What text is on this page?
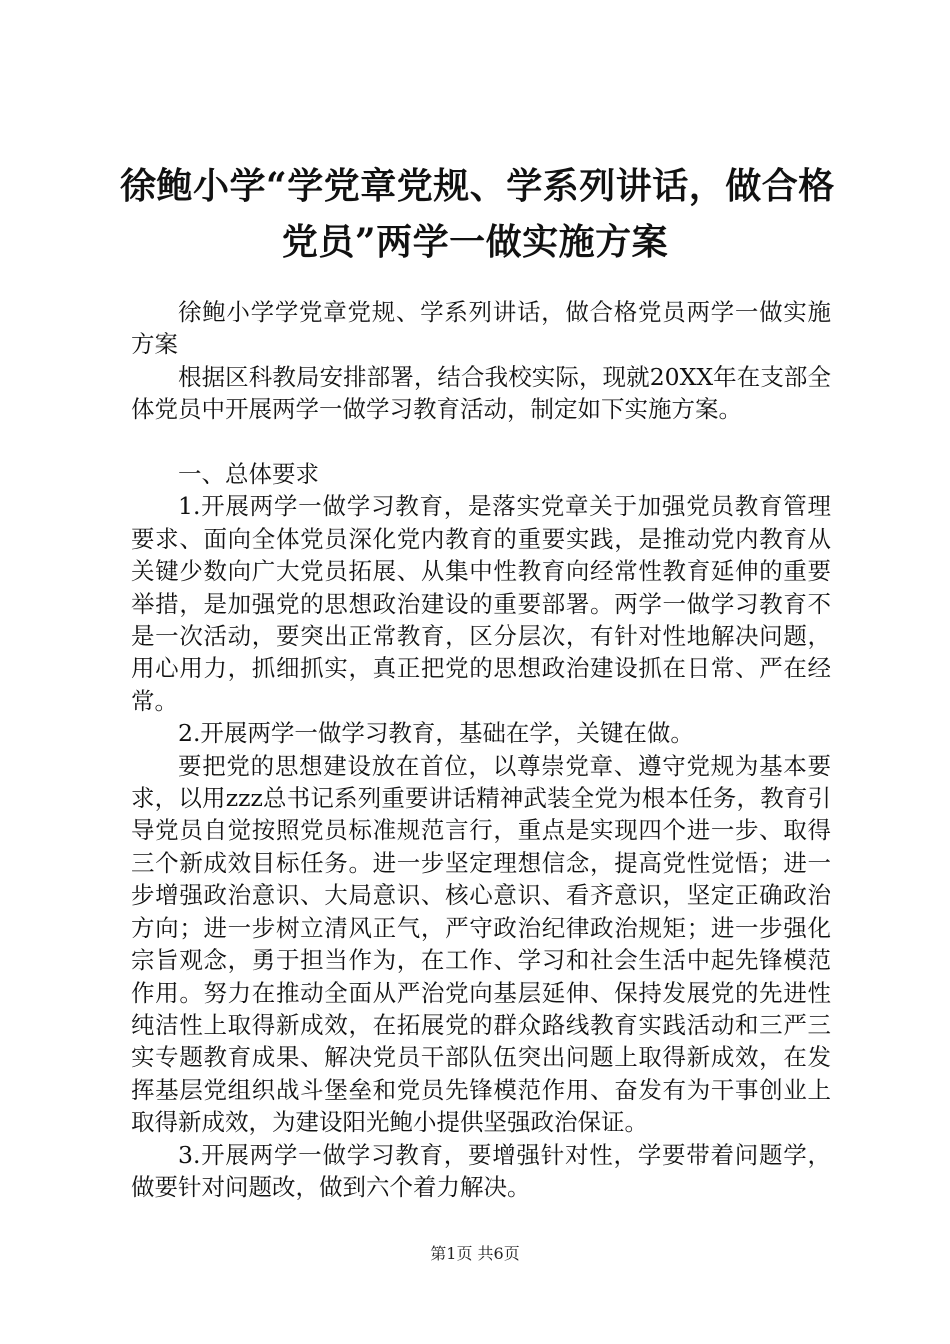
徐鲍小学“学党章党规、学系列讲话，做合格
党员”两学一做实施方案

徐鲍小学学党章党规、学系列讲话，做合格党员两学一做实施方案

根据区科教局安排部署，结合我校实际，现就20XX年在支部全体党员中开展两学一做学习教育活动，制定如下实施方案。

一、总体要求

1.开展两学一做学习教育，是落实党章关于加强党员教育管理要求、面向全体党员深化党内教育的重要实践，是推动党内教育从关键少数向广大党员拓展、从集中性教育向经常性教育延伸的重要举措，是加强党的思想政治建设的重要部署。两学一做学习教育不是一次活动，要突出正常教育，区分层次，有针对性地解决问题，用心用力，抓细抓实，真正把党的思想政治建设抓在日常、严在经常。

2.开展两学一做学习教育，基础在学，关键在做。

要把党的思想建设放在首位，以尊崇党章、遵守党规为基本要求，以用zzz总书记系列重要讲话精神武装全党为根本任务，教育引导党员自觉按照党员标准规范言行，重点是实现四个进一步、取得三个新成效目标任务。进一步坚定理想信念，提高党性觉悟；进一步增强政治意识、大局意识、核心意识、看齐意识，坚定正确政治方向；进一步树立清风正气，严守政治纪律政治规矩；进一步强化宗旨观念，勇于担当作为，在工作、学习和社会生活中起先锋模范作用。努力在推动全面从严治党向基层延伸、保持发展党的先进性纯洁性上取得新成效，在拓展党的群众路线教育实践活动和三严三实专题教育成果、解决党员干部队伍突出问题上取得新成效，在发挥基层党组织战斗堡垒和党员先锋模范作用、奋发有为干事创业上取得新成效，为建设阳光鲍小提供坚强政治保证。

3.开展两学一做学习教育，要增强针对性，学要带着问题学，做要针对问题改，做到六个着力解决。

第1页 共6页
